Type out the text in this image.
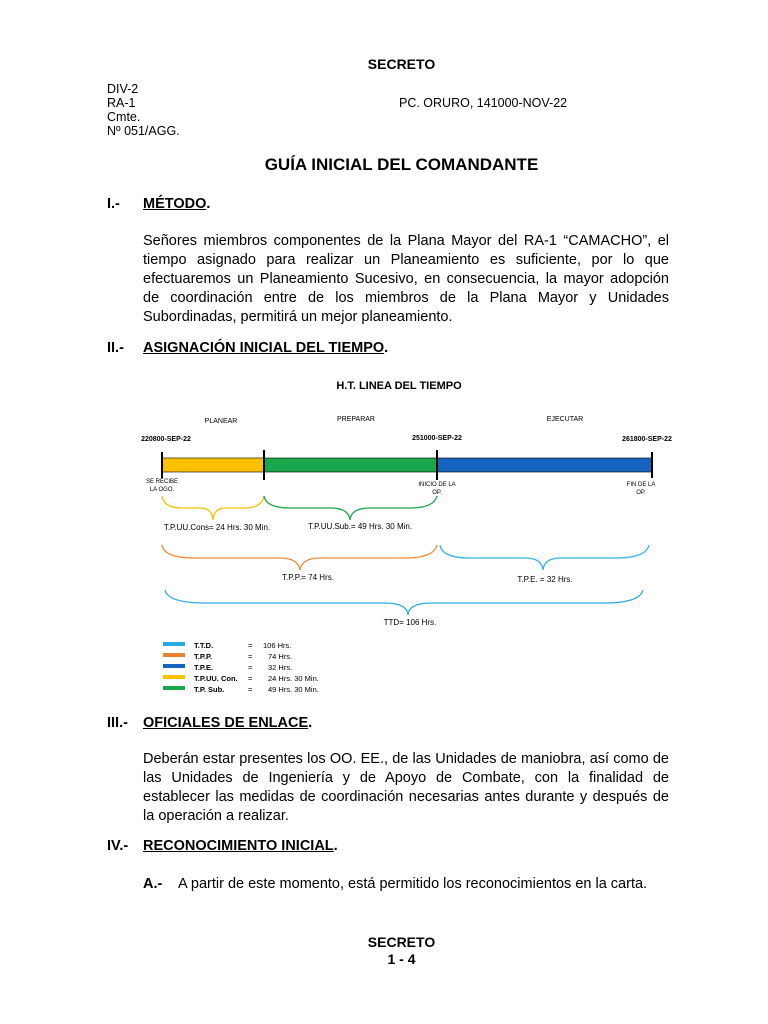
SECRETO
DIV-2
RA-1
Cmte.
Nº 051/AGG.
PC. ORURO, 141000-NOV-22
GUÍA INICIAL DEL COMANDANTE
I.- MÉTODO.
Señores miembros componentes de la Plana Mayor del RA-1 “CAMACHO”, el tiempo asignado para realizar un Planeamiento es suficiente, por lo que efectuaremos un Planeamiento Sucesivo, en consecuencia, la mayor adopción de coordinación entre de los miembros de la Plana Mayor y Unidades Subordinadas, permitirá un mejor planeamiento.
II.- ASIGNACIÓN INICIAL DEL TIEMPO.
H.T. LINEA DEL TIEMPO
PLANEAR	PREPARAR	EJECUTAR
220800-SEP-22	251000-SEP-22	261800-SEP-22
SE RECIBE
LA OGO.
INICIO DE LA
OP.
FIN DE LA
OP.
T.P.UU.Cons= 24 Hrs. 30 Min.	T.P.UU.Sub.= 49 Hrs. 30 Min.
T.P.P.= 74 Hrs.	T.P.E. = 32 Hrs.
TTD= 106 Hrs.
T.T.D.	= 106 Hrs.
T.P.P.	= 74 Hrs.
T.P.E.	= 32 Hrs.
T.P.UU. Con. = 24 Hrs. 30 Min.
T.P. Sub.	= 49 Hrs. 30 Min.
III.- OFICIALES DE ENLACE.
Deberán estar presentes los OO. EE., de las Unidades de maniobra, así como de las Unidades de Ingeniería y de Apoyo de Combate, con la finalidad de establecer las medidas de coordinación necesarias antes durante y después de la operación a realizar.
IV.- RECONOCIMIENTO INICIAL.
A.- A partir de este momento, está permitido los reconocimientos en la carta.
SECRETO
1 - 4
